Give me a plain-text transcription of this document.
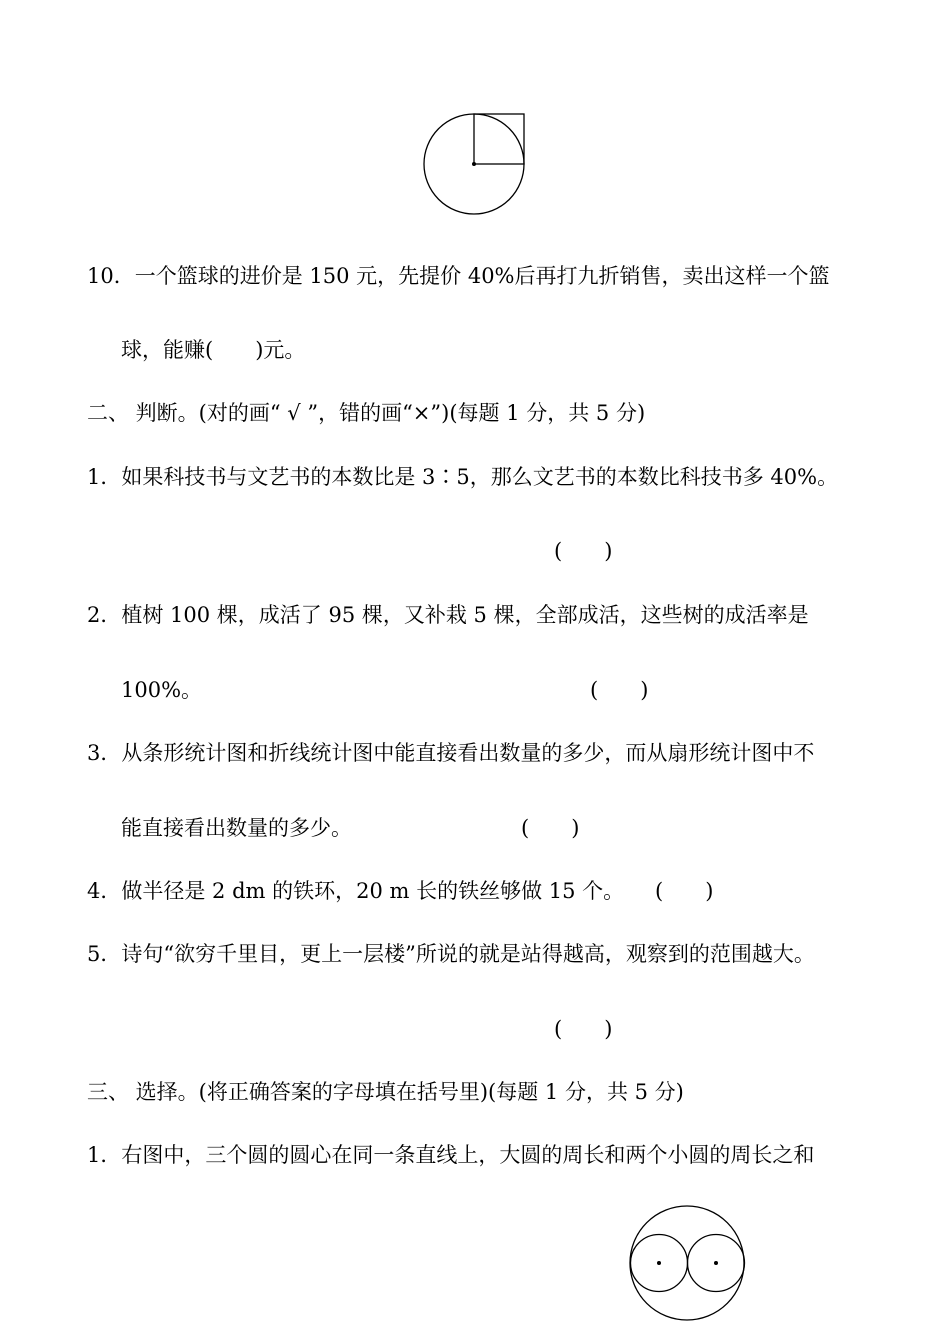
10．一个篮球的进价是 150 元，先提价 40%后再打九折销售，卖出这样一个篮
球，能赚(　　)元。
二、 判断。(对的画“ √ ”，错的画“×”)(每题 1 分，共 5 分)
1．如果科技书与文艺书的本数比是 3∶5，那么文艺书的本数比科技书多 40%。
(　　)
2．植树 100 棵，成活了 95 棵，又补栽 5 棵，全部成活，这些树的成活率是
100%。	(　　)
3．从条形统计图和折线统计图中能直接看出数量的多少，而从扇形统计图中不
能直接看出数量的多少。	(　　)
4．做半径是 2 dm 的铁环，20 m 长的铁丝够做 15 个。 (　　)
5．诗句“欲穷千里目，更上一层楼”所说的就是站得越高，观察到的范围越大。
(　　)
三、 选择。(将正确答案的字母填在括号里)(每题 1 分，共 5 分)
1．右图中，三个圆的圆心在同一条直线上，大圆的周长和两个小圆的周长之和
